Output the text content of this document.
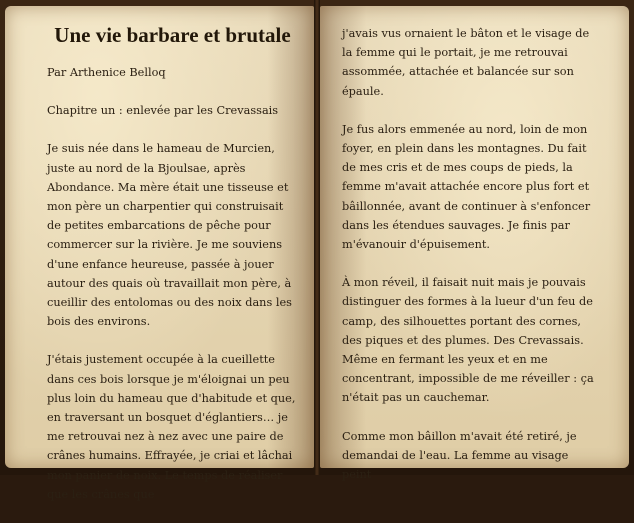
Une vie barbare et brutale

Par Arthenice Belloq

Chapitre un : enlevée par les Crevassais

Je suis née dans le hameau de Murcien, juste au nord de la Bjoulsae, après Abondance. Ma mère était une tisseuse et mon père un charpentier qui construisait de petites embarcations de pêche pour commercer sur la rivière. Je me souviens d'une enfance heureuse, passée à jouer autour des quais où travaillait mon père, à cueillir des entolomas ou des noix dans les bois des environs.

J'étais justement occupée à la cueillette dans ces bois lorsque je m'éloignai un peu plus loin du hameau que d'habitude et que, en traversant un bosquet d'églantiers… je me retrouvai nez à nez avec une paire de crânes humains. Effrayée, je criai et lâchai mon panier de noix. Le temps de réaliser que les crânes que

j'avais vus ornaient le bâton et le visage de la femme qui le portait, je me retrouvai assommée, attachée et balancée sur son épaule.

Je fus alors emmenée au nord, loin de mon foyer, en plein dans les montagnes. Du fait de mes cris et de mes coups de pieds, la femme m'avait attachée encore plus fort et bâillonnée, avant de continuer à s'enfoncer dans les étendues sauvages. Je finis par m'évanouir d'épuisement.

À mon réveil, il faisait nuit mais je pouvais distinguer des formes à la lueur d'un feu de camp, des silhouettes portant des cornes, des piques et des plumes. Des Crevassais. Même en fermant les yeux et en me concentrant, impossible de me réveiller : ça n'était pas un cauchemar.

Comme mon bâillon m'avait été retiré, je demandai de l'eau. La femme au visage peint
